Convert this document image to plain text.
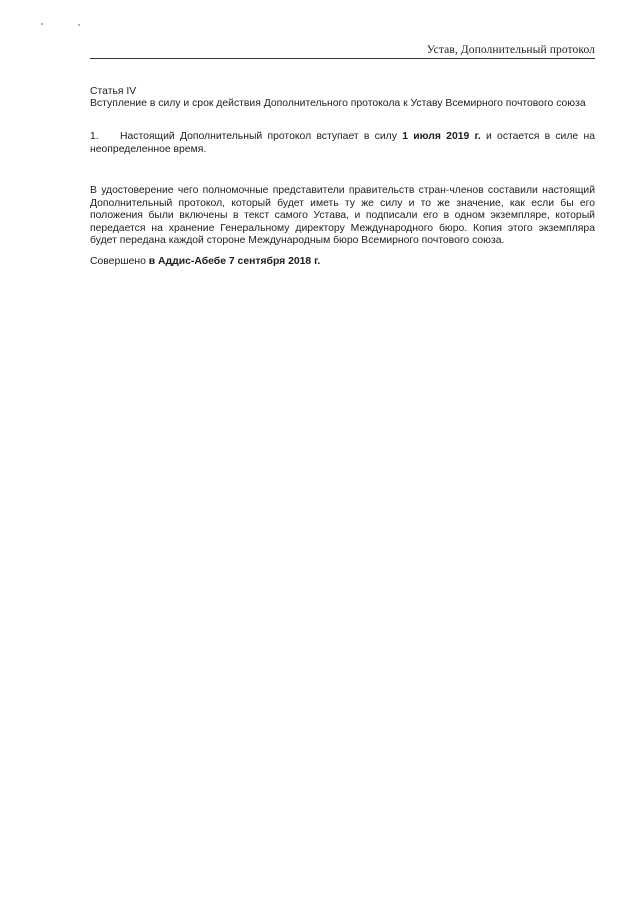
Устав, Дополнительный протокол
Статья IV
Вступление в силу и срок действия Дополнительного протокола к Уставу Всемирного почтового союза
1. Настоящий Дополнительный протокол вступает в силу 1 июля 2019 г. и остается в силе на неопределенное время.
В удостоверение чего полномочные представители правительств стран-членов составили настоящий Дополнительный протокол, который будет иметь ту же силу и то же значение, как если бы его положения были включены в текст самого Устава, и подписали его в одном экземпляре, который передается на хранение Генеральному директору Международного бюро. Копия этого экземпляра будет передана каждой стороне Международным бюро Всемирного почтового союза.
Совершено в Аддис-Абебе 7 сентября 2018 г.
